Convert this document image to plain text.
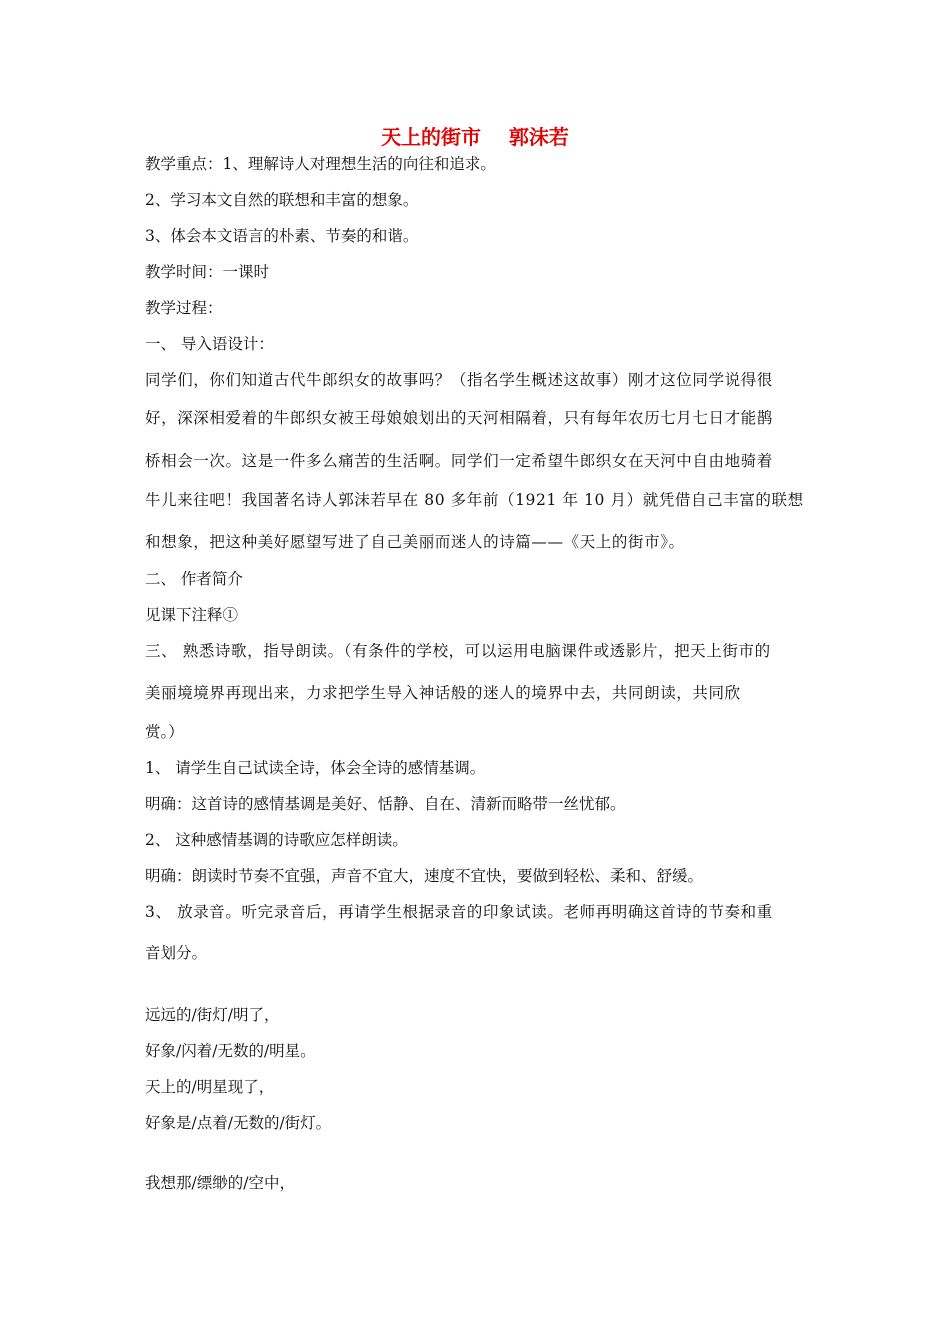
天上的街市    郭沫若
教学重点：1、理解诗人对理想生活的向往和追求。
2、学习本文自然的联想和丰富的想象。
3、体会本文语言的朴素、节奏的和谐。
教学时间：一课时
教学过程：
一、 导入语设计：
同学们，你们知道古代牛郎织女的故事吗？（指名学生概述这故事）刚才这位同学说得很
好，深深相爱着的牛郎织女被王母娘娘划出的天河相隔着，只有每年农历七月七日才能鹊
桥相会一次。这是一件多么痛苦的生活啊。同学们一定希望牛郎织女在天河中自由地骑着
牛儿来往吧！我国著名诗人郭沫若早在 80 多年前（1921 年 10 月）就凭借自己丰富的联想
和想象，把这种美好愿望写进了自己美丽而迷人的诗篇——《天上的街市》。
二、 作者简介
见课下注释①
三、 熟悉诗歌，指导朗读。（有条件的学校，可以运用电脑课件或透影片，把天上街市的
美丽境境界再现出来，力求把学生导入神话般的迷人的境界中去，共同朗读，共同欣
赏。）
1、 请学生自己试读全诗，体会全诗的感情基调。
明确：这首诗的感情基调是美好、恬静、自在、清新而略带一丝忧郁。
2、 这种感情基调的诗歌应怎样朗读。
明确：朗读时节奏不宜强，声音不宜大，速度不宜快，要做到轻松、柔和、舒缓。
3、 放录音。听完录音后，再请学生根据录音的印象试读。老师再明确这首诗的节奏和重
音划分。
远远的/街灯/明了，
好象/闪着/无数的/明星。
天上的/明星现了，
好象是/点着/无数的/街灯。
我想那/缥缈的/空中，
